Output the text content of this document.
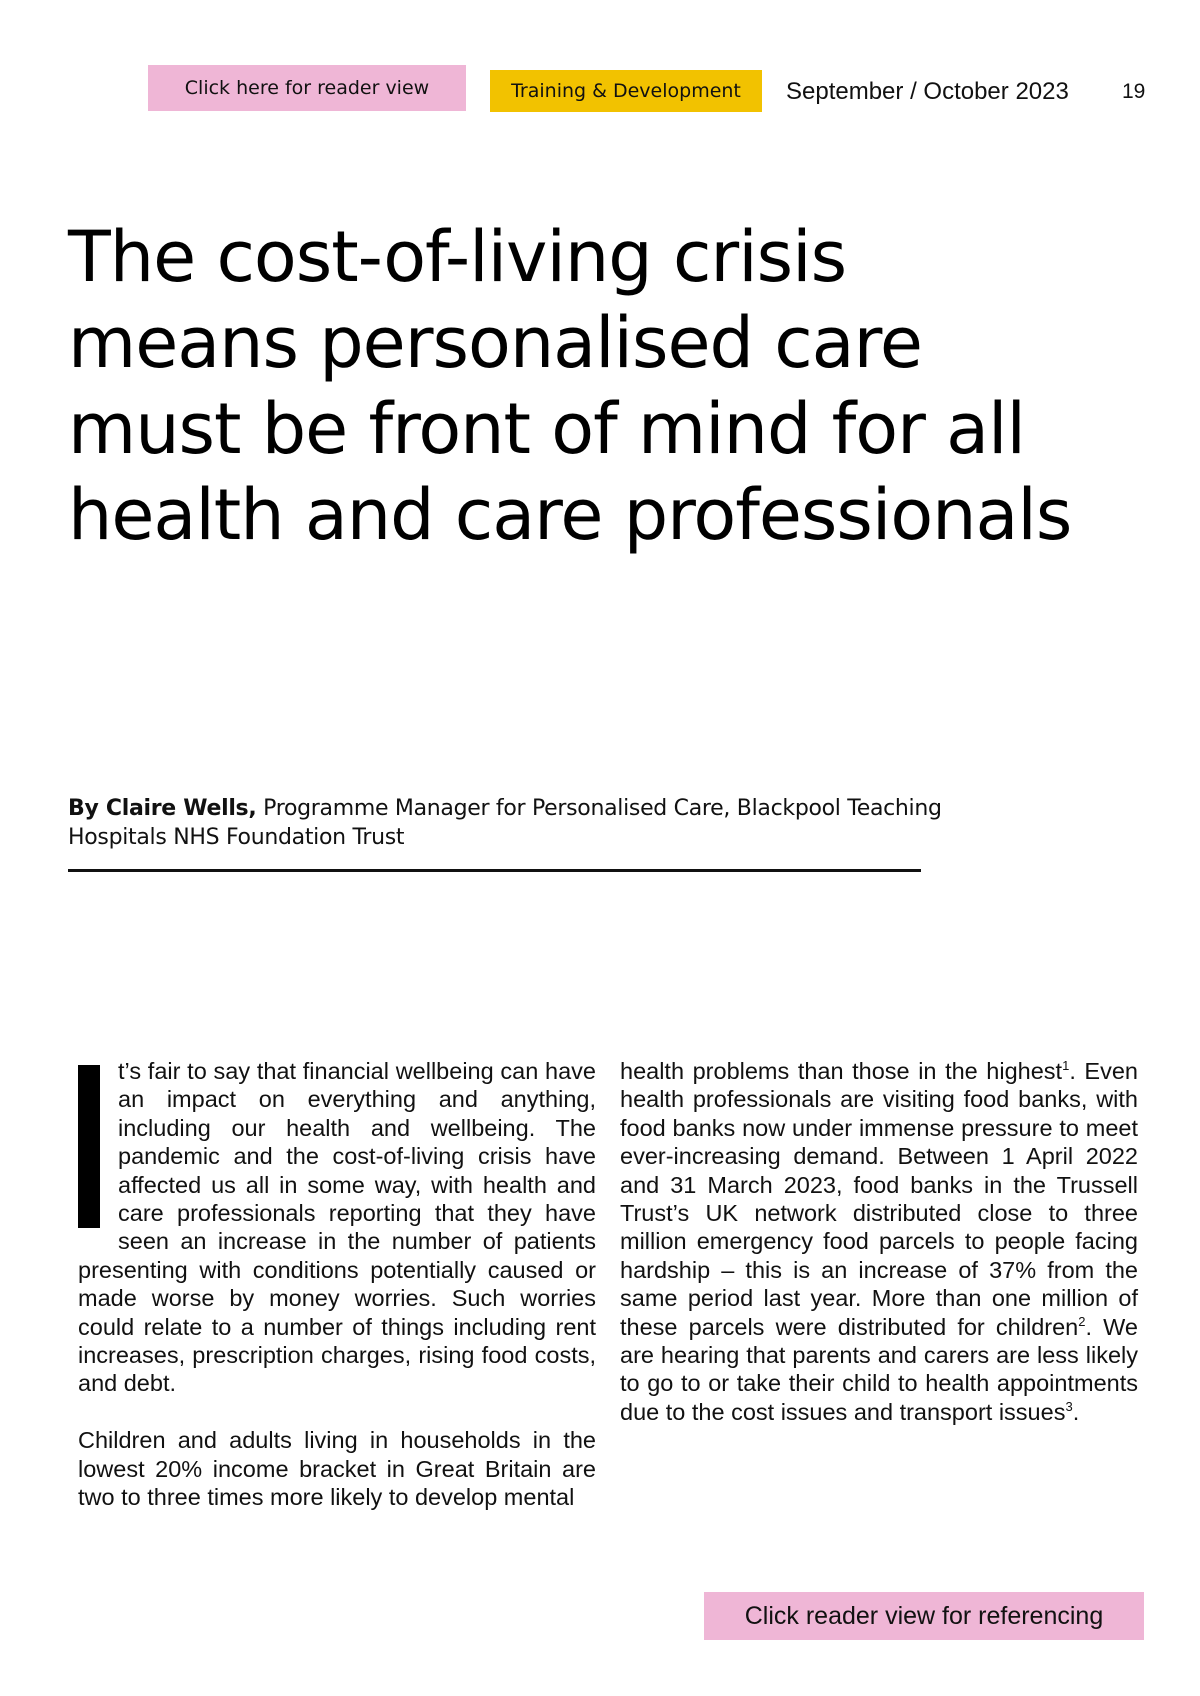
Click here for reader view	Training & Development	September / October 2023	19
The cost-of-living crisis means personalised care must be front of mind for all health and care professionals
By Claire Wells, Programme Manager for Personalised Care, Blackpool Teaching Hospitals NHS Foundation Trust

t’s fair to say that financial wellbeing can have an impact on everything and anything, including our health and wellbeing. The pandemic and the cost-of-living crisis have affected us all in some way, with health and care professionals reporting that they have seen an increase in the number of patients presenting with conditions potentially caused or made worse by money worries. Such worries could relate to a number of things including rent increases, prescription charges, rising food costs, and debt.

Children and adults living in households in the lowest 20% income bracket in Great Britain are two to three times more likely to develop mental

health problems than those in the highest$^1$. Even health professionals are visiting food banks, with food banks now under immense pressure to meet ever-increasing demand. Between 1 April 2022 and 31 March 2023, food banks in the Trussell Trust’s UK network distributed close to three million emergency food parcels to people facing hardship – this is an increase of 37% from the same period last year. More than one million of these parcels were distributed for children$^2$. We are hearing that parents and carers are less likely to go to or take their child to health appointments due to the cost issues and transport issues$^3$.

Click reader view for referencing
